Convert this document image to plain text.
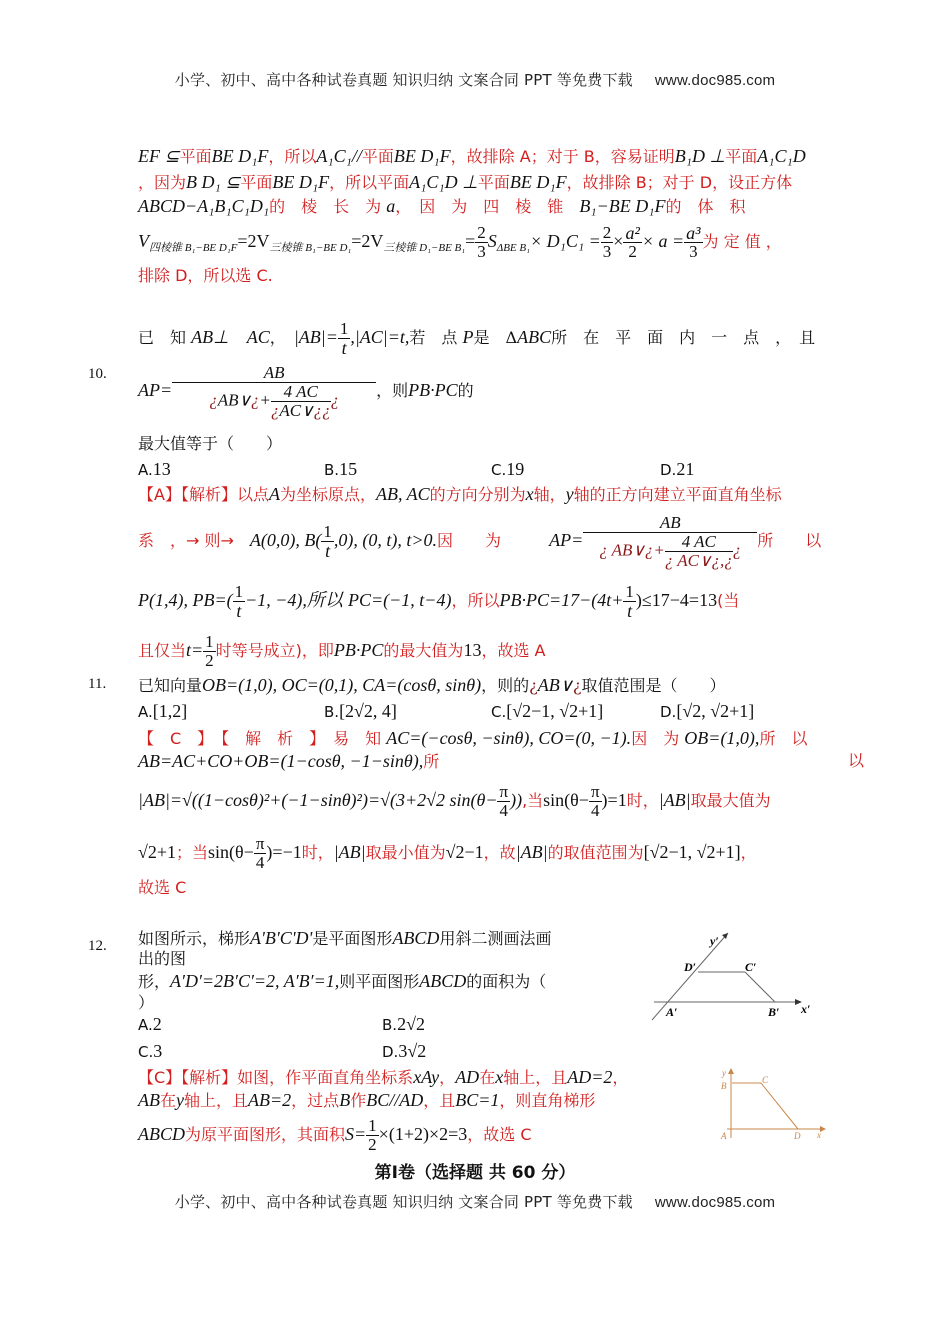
小学、初中、高中各种试卷真题 知识归纳 文案合同 PPT 等免费下载 www.doc985.com
EF ⊆平面BE D₁F，所以A₁C₁//平面BE D₁F，故排除 A；对于 B，容易证明B₁D ⊥平面A₁C₁D
，因为B D₁ ⊆平面BE D₁F，所以平面A₁C₁D ⊥平面BE D₁F，故排除 B；对于 D，设正方体
ABCD−A₁B₁C₁D₁的　棱　长　为 a，　因　为　四　棱　锥　 B₁−BE D₁F的　体　积
$V_{四棱锥 B_1-BE D_1F}=2V_{三棱锥 B_1-BE D_1}=2V_{三棱锥 D_1-BE B_1}= \frac{2}{3} S_{\Delta BE B_1}\times D_1C_1 = \frac{2}{3} \times \frac{\text{a²}}{2} \times a = \frac{\text{a³}}{3}$ 为 定 值 ，
排除 D，所以选 C.
10.
已　知 AB⊥　AC，　 $|AB|= \frac{1}{t} ,|AC|=t$,若　点 P是　ΔABC所　在　平　面　内　一　点　，　且
$AP= \frac{AB}{¿AB\vee¿+ \frac{4 AC}{¿AC\vee¿¿} ¿}$ ，则PB·PC的
最大值等于（　　）
A.13	B.15	C.19	D.21
【A】【解析】以点A为坐标原点，AB, AC的方向分别为x轴，y轴的正方向建立平面直角坐标
系　，→ 则→　 A(0,0), $B( \frac{1}{t} ,0)$, (0, t), t>0.因　　为　　　	$AP= \frac{AB}{¿ AB\vee¿+ \frac{4 AC}{¿ AC\vee¿,¿} ¿}$ 所　　以
P(1,4), $PB=( \frac{1}{t} -1$, −4),所以 PC=(−1, t−4)，所以$PB\cdot PC=17-(4t+ \frac{1}{t} )\le 17-4=13$(当
且仅当$t= \frac{1}{2}$ 时等号成立)，即PB·PC的最大值为13，故选 A
11. 已知向量OB=(1,0), OC=(0,1), CA=(cosθ, sinθ)，则的¿AB∨¿取值范围是（　　）
A.[1,2]	B.[2√2, 4]	C.[√2−1, √2+1]	D.[√2, √2+1]
【　C　】　【　解　析　】　易　知 AC=(−cosθ, −sinθ), CO=(0, −1).因　为 OB=(1,0),所　以
AB=AC+CO+OB=(1−cosθ, −1−sinθ),所	以
|AB|=√((1−cosθ)²+(−1−sinθ)²)=√(3+2√2 $\sin(\theta- \frac{\pi}{4}$ )),当$\sin(\theta- \frac{\pi}{4} )=1$时，|AB|取最大值为
√2+1；当$\sin(\theta- \frac{\pi}{4} )=-1$时，|AB|取最小值为√2−1，故|AB|的取值范围为[√2−1, √2+1]，
故选 C
12. 如图所示，梯形A'B'C'D'是平面图形ABCD用斜二测画法画
出的图
形，A′D′=2B′C′=2, A′B′=1,则平面图形ABCD的面积为（
）
A.2	B.2√2
C.3	D.3√2
y′
D′	C′
A′	B′ x′
【C】【解析】如图，作平面直角坐标系xAy，AD在x轴上，且AD=2，
AB在y轴上，且AB=2，过点B作BC//AD，且BC=1，则直角梯形
ABCD为原平面图形，其面积$S= \frac{1}{2} \times(1+2)\times 2=3$，故选 C
y
B
C
A	D x
第Ⅰ卷（选择题 共 60 分）
小学、初中、高中各种试卷真题 知识归纳 文案合同 PPT 等免费下载 www.doc985.com
